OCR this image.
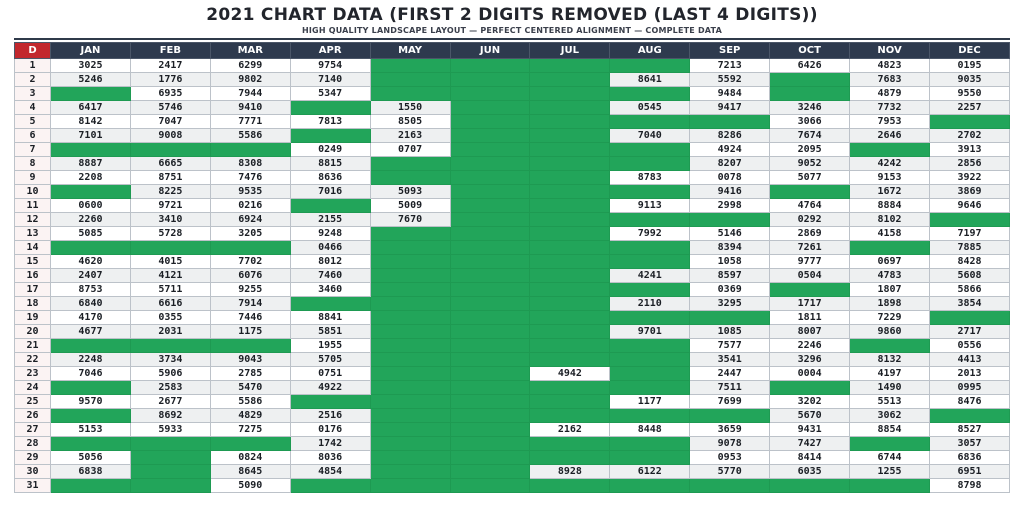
2021 CHART DATA (FIRST 2 DIGITS REMOVED (LAST 4 DIGITS))
HIGH QUALITY LANDSCAPE LAYOUT — PERFECT CENTERED ALIGNMENT — COMPLETE DATA
D	JAN	FEB	MAR	APR	MAY	JUN	JUL	AUG	SEP	OCT	NOV	DEC
1	3025	2417	6299	9754					7213	6426	4823	0195
2	5246	1776	9802	7140				8641	5592		7683	9035
3		6935	7944	5347					9484		4879	9550
4	6417	5746	9410		1550			0545	9417	3246	7732	2257
5	8142	7047	7771	7813	8505					3066	7953	
6	7101	9008	5586		2163			7040	8286	7674	2646	2702
7				0249	0707				4924	2095		3913
8	8887	6665	8308	8815					8207	9052	4242	2856
9	2208	8751	7476	8636				8783	0078	5077	9153	3922
10		8225	9535	7016	5093				9416		1672	3869
11	0600	9721	0216		5009			9113	2998	4764	8884	9646
12	2260	3410	6924	2155	7670					0292	8102	
13	5085	5728	3205	9248				7992	5146	2869	4158	7197
14				0466					8394	7261		7885
15	4620	4015	7702	8012					1058	9777	0697	8428
16	2407	4121	6076	7460				4241	8597	0504	4783	5608
17	8753	5711	9255	3460					0369		1807	5866
18	6840	6616	7914					2110	3295	1717	1898	3854
19	4170	0355	7446	8841						1811	7229	
20	4677	2031	1175	5851				9701	1085	8007	9860	2717
21				1955					7577	2246		0556
22	2248	3734	9043	5705					3541	3296	8132	4413
23	7046	5906	2785	0751			4942		2447	0004	4197	2013
24		2583	5470	4922					7511		1490	0995
25	9570	2677	5586					1177	7699	3202	5513	8476
26		8692	4829	2516						5670	3062	
27	5153	5933	7275	0176			2162	8448	3659	9431	8854	8527
28				1742					9078	7427		3057
29	5056		0824	8036					0953	8414	6744	6836
30	6838		8645	4854			8928	6122	5770	6035	1255	6951
31			5090									8798
